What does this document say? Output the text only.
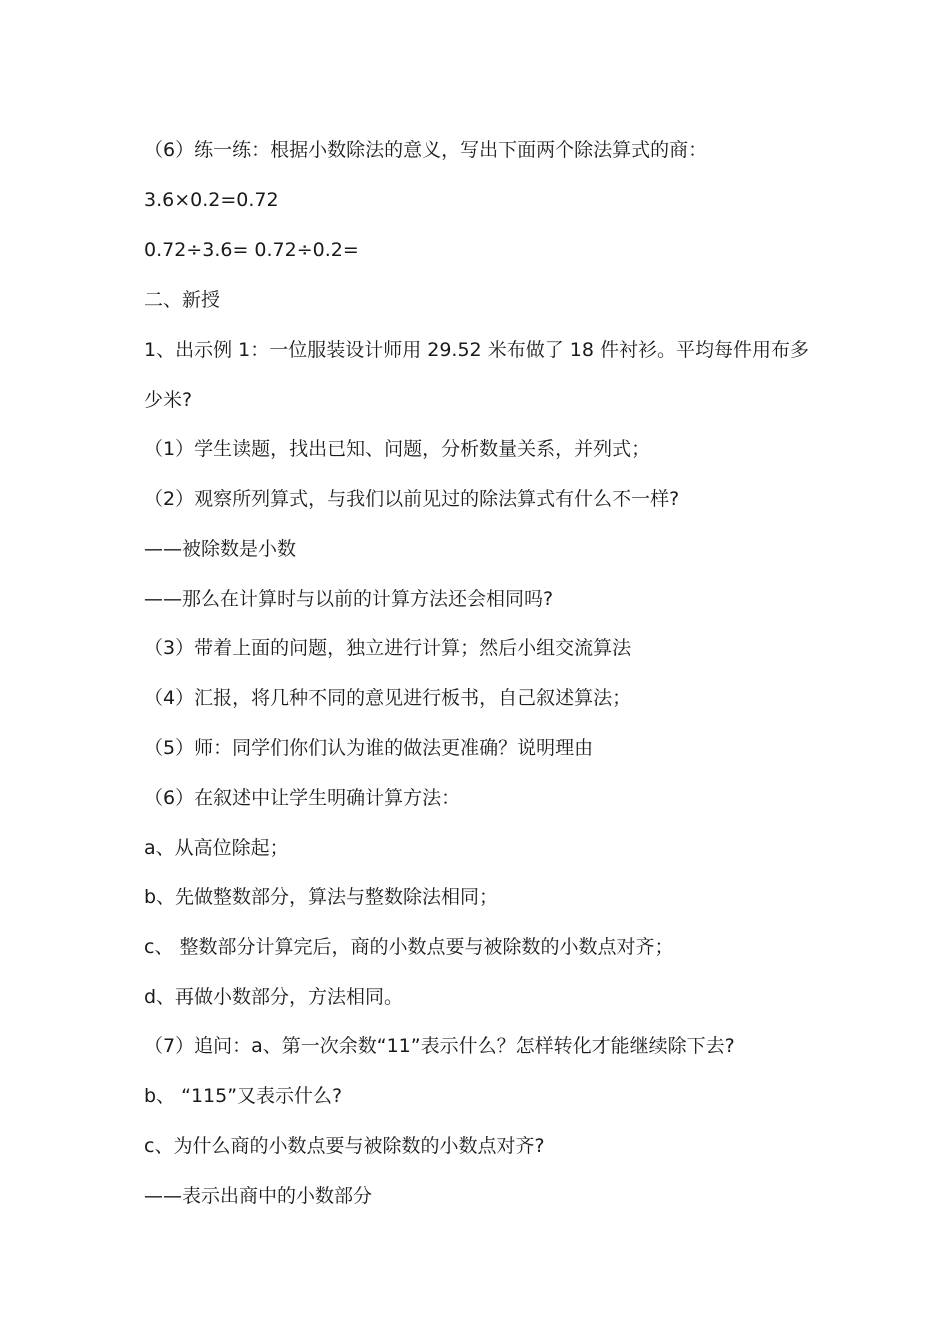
（6）练一练：根据小数除法的意义，写出下面两个除法算式的商：
3.6×0.2=0.72
0.72÷3.6= 0.72÷0.2=
二、新授
1、出示例 1：一位服装设计师用 29.52 米布做了 18 件衬衫。平均每件用布多
少米?
（1）学生读题，找出已知、问题，分析数量关系，并列式；
（2）观察所列算式，与我们以前见过的除法算式有什么不一样?
——被除数是小数
——那么在计算时与以前的计算方法还会相同吗?
（3）带着上面的问题，独立进行计算；然后小组交流算法
（4）汇报，将几种不同的意见进行板书，自己叙述算法；
（5）师：同学们你们认为谁的做法更准确？说明理由
（6）在叙述中让学生明确计算方法：
a、从高位除起；
b、先做整数部分，算法与整数除法相同；
c、 整数部分计算完后，商的小数点要与被除数的小数点对齐；
d、再做小数部分，方法相同。
（7）追问：a、第一次余数“11”表示什么？怎样转化才能继续除下去?
b、 “115”又表示什么?
c、为什么商的小数点要与被除数的小数点对齐?
——表示出商中的小数部分
